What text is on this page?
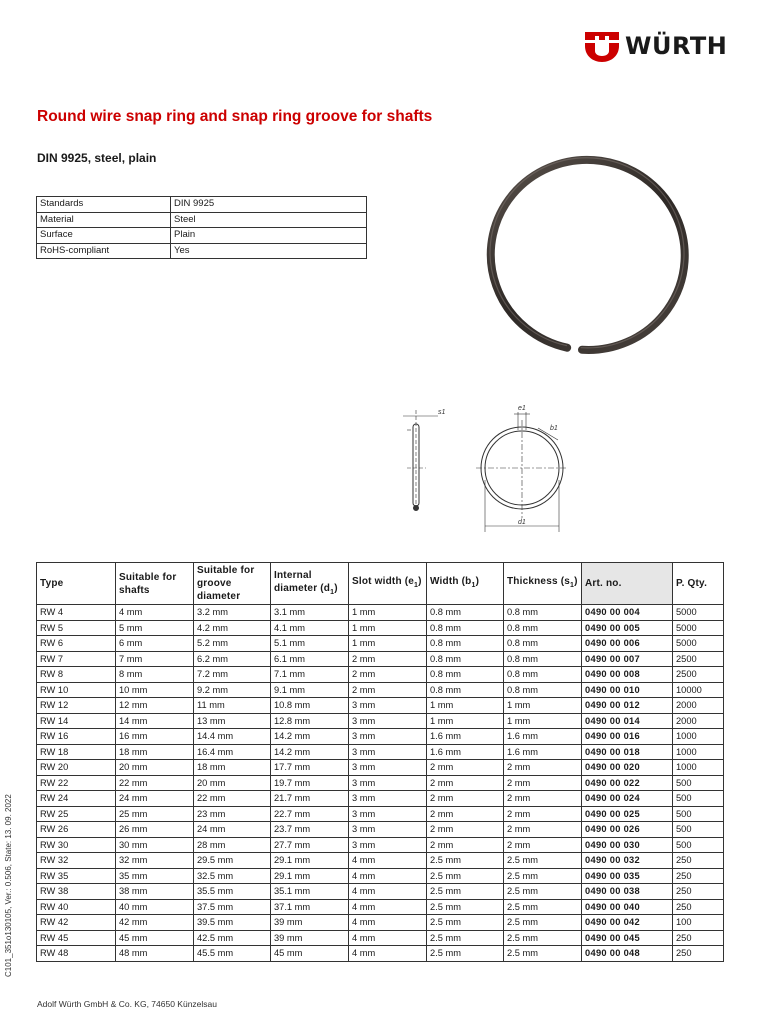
WÜRTH
Round wire snap ring and snap ring groove for shafts
DIN 9925, steel, plain
Standards	DIN 9925
Material	Steel
Surface	Plain
RoHS-compliant	Yes
s1
e1
b1
d1
Type	Suitable for shafts	Suitable for groove diameter	Internal diameter $(d_1)$	Slot width $(e_1)$	Width $(b_1)$	Thickness $(s_1)$	Art. no.	P. Qty.
RW 4	4 mm	3.2 mm	3.1 mm	1 mm	0.8 mm	0.8 mm	0490 00 004	5000
RW 5	5 mm	4.2 mm	4.1 mm	1 mm	0.8 mm	0.8 mm	0490 00 005	5000
RW 6	6 mm	5.2 mm	5.1 mm	1 mm	0.8 mm	0.8 mm	0490 00 006	5000
RW 7	7 mm	6.2 mm	6.1 mm	2 mm	0.8 mm	0.8 mm	0490 00 007	2500
RW 8	8 mm	7.2 mm	7.1 mm	2 mm	0.8 mm	0.8 mm	0490 00 008	2500
RW 10	10 mm	9.2 mm	9.1 mm	2 mm	0.8 mm	0.8 mm	0490 00 010	10000
RW 12	12 mm	11 mm	10.8 mm	3 mm	1 mm	1 mm	0490 00 012	2000
RW 14	14 mm	13 mm	12.8 mm	3 mm	1 mm	1 mm	0490 00 014	2000
RW 16	16 mm	14.4 mm	14.2 mm	3 mm	1.6 mm	1.6 mm	0490 00 016	1000
RW 18	18 mm	16.4 mm	14.2 mm	3 mm	1.6 mm	1.6 mm	0490 00 018	1000
RW 20	20 mm	18 mm	17.7 mm	3 mm	2 mm	2 mm	0490 00 020	1000
RW 22	22 mm	20 mm	19.7 mm	3 mm	2 mm	2 mm	0490 00 022	500
RW 24	24 mm	22 mm	21.7 mm	3 mm	2 mm	2 mm	0490 00 024	500
RW 25	25 mm	23 mm	22.7 mm	3 mm	2 mm	2 mm	0490 00 025	500
RW 26	26 mm	24 mm	23.7 mm	3 mm	2 mm	2 mm	0490 00 026	500
RW 30	30 mm	28 mm	27.7 mm	3 mm	2 mm	2 mm	0490 00 030	500
RW 32	32 mm	29.5 mm	29.1 mm	4 mm	2.5 mm	2.5 mm	0490 00 032	250
RW 35	35 mm	32.5 mm	29.1 mm	4 mm	2.5 mm	2.5 mm	0490 00 035	250
RW 38	38 mm	35.5 mm	35.1 mm	4 mm	2.5 mm	2.5 mm	0490 00 038	250
RW 40	40 mm	37.5 mm	37.1 mm	4 mm	2.5 mm	2.5 mm	0490 00 040	250
RW 42	42 mm	39.5 mm	39 mm	4 mm	2.5 mm	2.5 mm	0490 00 042	100
RW 45	45 mm	42.5 mm	39 mm	4 mm	2.5 mm	2.5 mm	0490 00 045	250
RW 48	48 mm	45.5 mm	45 mm	4 mm	2.5 mm	2.5 mm	0490 00 048	250
C101_351o130105, Ver.: 0.506, State: 13. 09. 2022
Adolf Würth GmbH & Co. KG, 74650 Künzelsau
